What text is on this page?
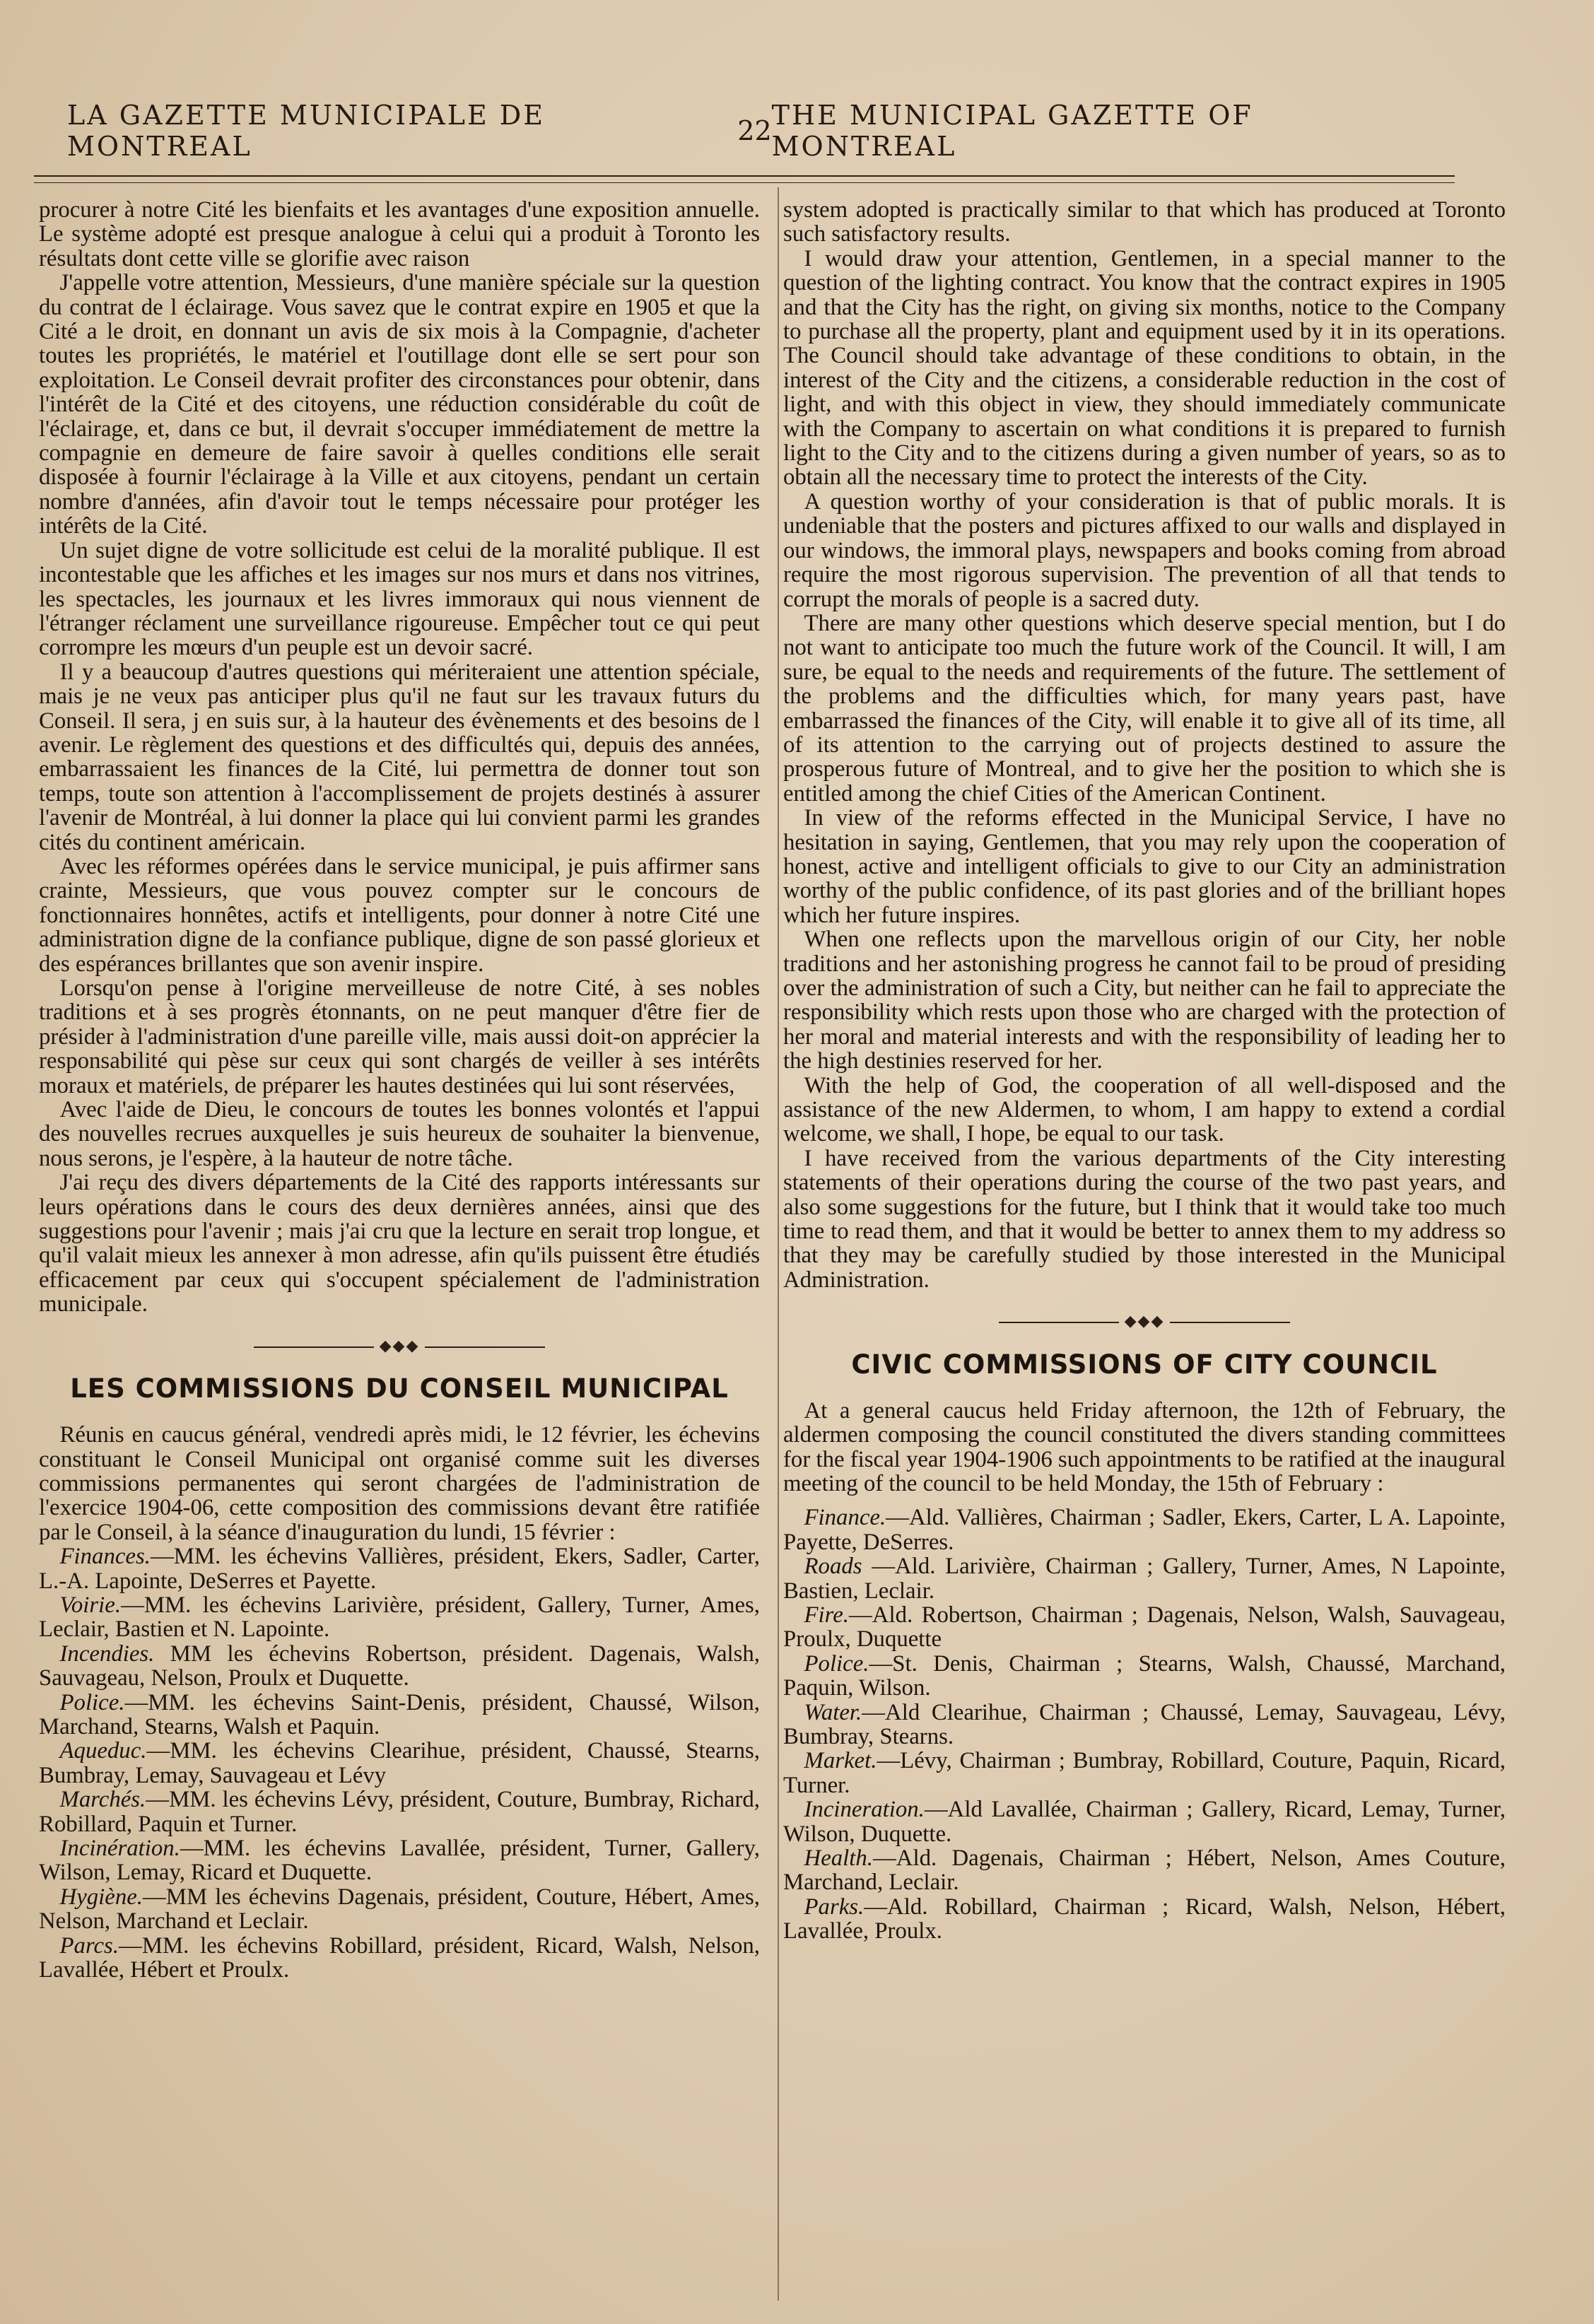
LA GAZETTE MUNICIPALE DE MONTREAL	22 THE MUNICIPAL GAZETTE OF MONTREAL

procurer à notre Cité les bienfaits et les avantages d'une exposition annuelle. Le système adopté est presque analogue à celui qui a produit à Toronto les résultats dont cette ville se glorifie avec raison

J'appelle votre attention, Messieurs, d'une manière spéciale sur la question du contrat de l éclairage. Vous savez que le contrat expire en 1905 et que la Cité a le droit, en donnant un avis de six mois à la Compagnie, d'acheter toutes les propriétés, le matériel et l'outillage dont elle se sert pour son exploitation. Le Conseil devrait profiter des circonstances pour obtenir, dans l'intérêt de la Cité et des citoyens, une réduction considérable du coût de l'éclairage, et, dans ce but, il devrait s'occuper immédiatement de mettre la compagnie en demeure de faire savoir à quelles conditions elle serait disposée à fournir l'éclairage à la Ville et aux citoyens, pendant un certain nombre d'années, afin d'avoir tout le temps nécessaire pour protéger les intérêts de la Cité.

Un sujet digne de votre sollicitude est celui de la moralité publique. Il est incontestable que les affiches et les images sur nos murs et dans nos vitrines, les spectacles, les journaux et les livres immoraux qui nous viennent de l'étranger réclament une surveillance rigoureuse. Empêcher tout ce qui peut corrompre les mœurs d'un peuple est un devoir sacré.

Il y a beaucoup d'autres questions qui mériteraient une attention spéciale, mais je ne veux pas anticiper plus qu'il ne faut sur les travaux futurs du Conseil. Il sera, j en suis sur, à la hauteur des évènements et des besoins de l avenir. Le règlement des questions et des difficultés qui, depuis des années, embarrassaient les finances de la Cité, lui permettra de donner tout son temps, toute son attention à l'accomplissement de projets destinés à assurer l'avenir de Montréal, à lui donner la place qui lui convient parmi les grandes cités du continent américain.

Avec les réformes opérées dans le service municipal, je puis affirmer sans crainte, Messieurs, que vous pouvez compter sur le concours de fonctionnaires honnêtes, actifs et intelligents, pour donner à notre Cité une administration digne de la confiance publique, digne de son passé glorieux et des espérances brillantes que son avenir inspire.

Lorsqu'on pense à l'origine merveilleuse de notre Cité, à ses nobles traditions et à ses progrès étonnants, on ne peut manquer d'être fier de présider à l'administration d'une pareille ville, mais aussi doit-on apprécier la responsabilité qui pèse sur ceux qui sont chargés de veiller à ses intérêts moraux et matériels, de préparer les hautes destinées qui lui sont réservées,

Avec l'aide de Dieu, le concours de toutes les bonnes volontés et l'appui des nouvelles recrues auxquelles je suis heureux de souhaiter la bienvenue, nous serons, je l'espère, à la hauteur de notre tâche.

J'ai reçu des divers départements de la Cité des rapports intéressants sur leurs opérations dans le cours des deux dernières années, ainsi que des suggestions pour l'avenir ; mais j'ai cru que la lecture en serait trop longue, et qu'il valait mieux les annexer à mon adresse, afin qu'ils puissent être étudiés efficacement par ceux qui s'occupent spécialement de l'administration municipale.

◆◆◆
LES COMMISSIONS DU CONSEIL MUNICIPAL

Réunis en caucus général, vendredi après midi, le 12 février, les échevins constituant le Conseil Municipal ont organisé comme suit les diverses commissions permanentes qui seront chargées de l'administration de l'exercice 1904-06, cette composition des commissions devant être ratifiée par le Conseil, à la séance d'inauguration du lundi, 15 février :

Finances.—MM. les échevins Vallières, président, Ekers, Sadler, Carter, L.-A. Lapointe, DeSerres et Payette.

Voirie.—MM. les échevins Larivière, président, Gallery, Turner, Ames, Leclair, Bastien et N. Lapointe.

Incendies. MM les échevins Robertson, président. Dagenais, Walsh, Sauvageau, Nelson, Proulx et Duquette.

Police.—MM. les échevins Saint-Denis, président, Chaussé, Wilson, Marchand, Stearns, Walsh et Paquin.

Aqueduc.—MM. les échevins Clearihue, président, Chaussé, Stearns, Bumbray, Lemay, Sauvageau et Lévy

Marchés.—MM. les échevins Lévy, président, Couture, Bumbray, Richard, Robillard, Paquin et Turner.

Incinération.—MM. les échevins Lavallée, président, Turner, Gallery, Wilson, Lemay, Ricard et Duquette.

Hygiène.—MM les échevins Dagenais, président, Couture, Hébert, Ames, Nelson, Marchand et Leclair.

Parcs.—MM. les échevins Robillard, président, Ricard, Walsh, Nelson, Lavallée, Hébert et Proulx.

system adopted is practically similar to that which has produced at Toronto such satisfactory results.

I would draw your attention, Gentlemen, in a special manner to the question of the lighting contract. You know that the contract expires in 1905 and that the City has the right, on giving six months, notice to the Company to purchase all the property, plant and equipment used by it in its operations. The Council should take advantage of these conditions to obtain, in the interest of the City and the citizens, a considerable reduction in the cost of light, and with this object in view, they should immediately communicate with the Company to ascertain on what conditions it is prepared to furnish light to the City and to the citizens during a given number of years, so as to obtain all the necessary time to protect the interests of the City.

A question worthy of your consideration is that of public morals. It is undeniable that the posters and pictures affixed to our walls and displayed in our windows, the immoral plays, newspapers and books coming from abroad require the most rigorous supervision. The prevention of all that tends to corrupt the morals of people is a sacred duty.

There are many other questions which deserve special mention, but I do not want to anticipate too much the future work of the Council. It will, I am sure, be equal to the needs and requirements of the future. The settlement of the problems and the difficulties which, for many years past, have embarrassed the finances of the City, will enable it to give all of its time, all of its attention to the carrying out of projects destined to assure the prosperous future of Montreal, and to give her the position to which she is entitled among the chief Cities of the American Continent.

In view of the reforms effected in the Municipal Service, I have no hesitation in saying, Gentlemen, that you may rely upon the cooperation of honest, active and intelligent officials to give to our City an administration worthy of the public confidence, of its past glories and of the brilliant hopes which her future inspires.

When one reflects upon the marvellous origin of our City, her noble traditions and her astonishing progress he cannot fail to be proud of presiding over the administration of such a City, but neither can he fail to appreciate the responsibility which rests upon those who are charged with the protection of her moral and material interests and with the responsibility of leading her to the high destinies reserved for her.

With the help of God, the cooperation of all well-disposed and the assistance of the new Aldermen, to whom, I am happy to extend a cordial welcome, we shall, I hope, be equal to our task.

I have received from the various departments of the City interesting statements of their operations during the course of the two past years, and also some suggestions for the future, but I think that it would take too much time to read them, and that it would be better to annex them to my address so that they may be carefully studied by those interested in the Municipal Administration.

◆◆◆
CIVIC COMMISSIONS OF CITY COUNCIL

At a general caucus held Friday afternoon, the 12th of February, the aldermen composing the council constituted the divers standing committees for the fiscal year 1904-1906 such appointments to be ratified at the inaugural meeting of the council to be held Monday, the 15th of February :

Finance.—Ald. Vallières, Chairman ; Sadler, Ekers, Carter, L A. Lapointe, Payette, DeSerres.

Roads —Ald. Larivière, Chairman ; Gallery, Turner, Ames, N Lapointe, Bastien, Leclair.

Fire.—Ald. Robertson, Chairman ; Dagenais, Nelson, Walsh, Sauvageau, Proulx, Duquette

Police.—St. Denis, Chairman ; Stearns, Walsh, Chaussé, Marchand, Paquin, Wilson.

Water.—Ald Clearihue, Chairman ; Chaussé, Lemay, Sauvageau, Lévy, Bumbray, Stearns.

Market.—Lévy, Chairman ; Bumbray, Robillard, Couture, Paquin, Ricard, Turner.

Incineration.—Ald Lavallée, Chairman ; Gallery, Ricard, Lemay, Turner, Wilson, Duquette.

Health.—Ald. Dagenais, Chairman ; Hébert, Nelson, Ames Couture, Marchand, Leclair.

Parks.—Ald. Robillard, Chairman ; Ricard, Walsh, Nelson, Hébert, Lavallée, Proulx.
